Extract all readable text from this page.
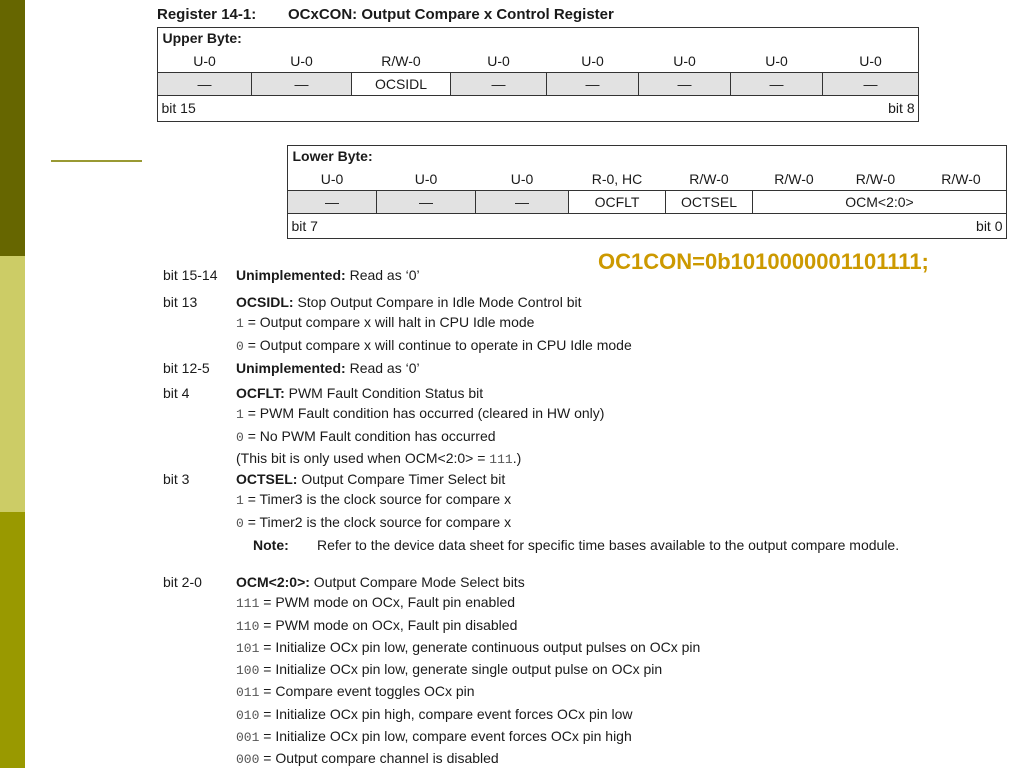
Register 14-1: OCxCON: Output Compare x Control Register
Upper Byte:							
U-0	U-0	R/W-0	U-0	U-0	U-0	U-0	U-0
—	—	OCSIDL	—	—	—	—	—
bit 15				bit 8			
Lower Byte:							
U-0	U-0	U-0	R-0, HC	R/W-0	R/W-0	R/W-0	R/W-0
—	—	—	OCFLT	OCTSEL	OCM<2:0>		
bit 7				bit 0			
OC1CON=0b1010000001101111;
bit 15-14 Unimplemented: Read as ‘0’
bit 13	OCSIDL: Stop Output Compare in Idle Mode Control bit
1 = Output compare x will halt in CPU Idle mode
0 = Output compare x will continue to operate in CPU Idle mode
bit 12-5 Unimplemented: Read as ‘0’
bit 4	OCFLT: PWM Fault Condition Status bit
1 = PWM Fault condition has occurred (cleared in HW only)
0 = No PWM Fault condition has occurred
(This bit is only used when OCM<2:0> = 111.)
bit 3	OCTSEL: Output Compare Timer Select bit
1 = Timer3 is the clock source for compare x
0 = Timer2 is the clock source for compare x
Note: Refer to the device data sheet for specific time bases available to the output compare module.
bit 2-0 OCM<2:0>: Output Compare Mode Select bits
111 = PWM mode on OCx, Fault pin enabled
110 = PWM mode on OCx, Fault pin disabled
101 = Initialize OCx pin low, generate continuous output pulses on OCx pin
100 = Initialize OCx pin low, generate single output pulse on OCx pin
011 = Compare event toggles OCx pin
010 = Initialize OCx pin high, compare event forces OCx pin low
001 = Initialize OCx pin low, compare event forces OCx pin high
000 = Output compare channel is disabled
